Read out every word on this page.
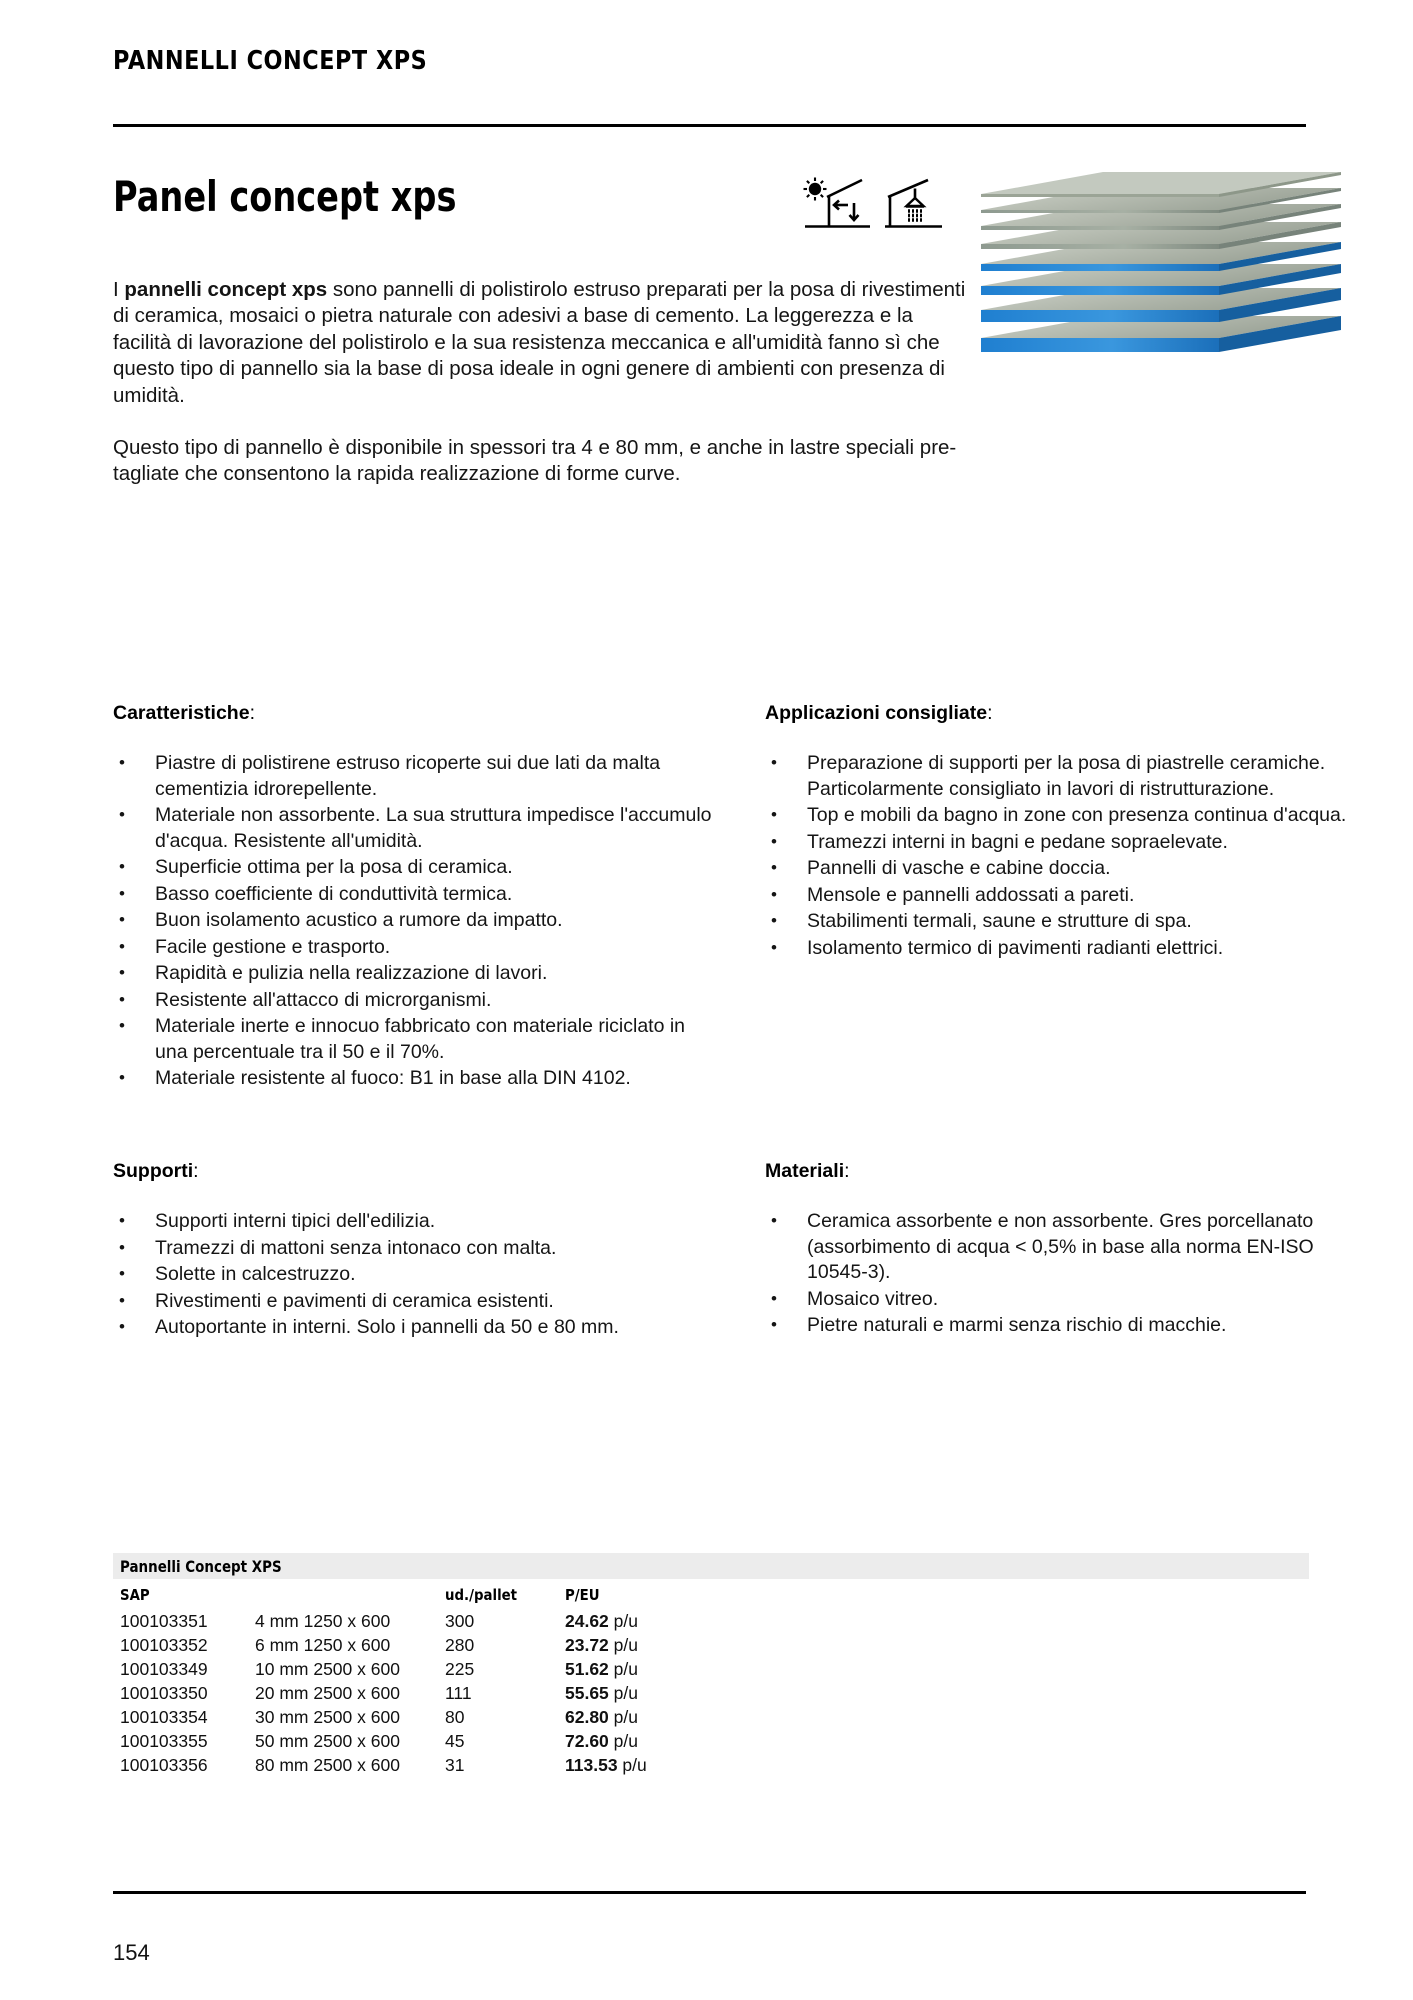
PANNELLI CONCEPT XPS
Panel concept xps

I pannelli concept xps sono pannelli di polistirolo estruso preparati per la posa di rivestimenti di ceramica, mosaici o pietra naturale con adesivi a base di cemento. La leggerezza e la facilità di lavorazione del polistirolo e la sua resistenza meccanica e all'umidità fanno sì che questo tipo di pannello sia la base di posa ideale in ogni genere di ambienti con presenza di umidità.

Questo tipo di pannello è disponibile in spessori tra 4 e 80 mm, e anche in lastre speciali pre-tagliate che consentono la rapida realizzazione di forme curve.

Caratteristiche:
• Piastre di polistirene estruso ricoperte sui due lati da malta cementizia idrorepellente.
• Materiale non assorbente. La sua struttura impedisce l'accumulo d'acqua. Resistente all'umidità.
• Superficie ottima per la posa di ceramica.
• Basso coefficiente di conduttività termica.
• Buon isolamento acustico a rumore da impatto.
• Facile gestione e trasporto.
• Rapidità e pulizia nella realizzazione di lavori.
• Resistente all'attacco di microrganismi.
• Materiale inerte e innocuo fabbricato con materiale riciclato in una percentuale tra il 50 e il 70%.
• Materiale resistente al fuoco: B1 in base alla DIN 4102.
Applicazioni consigliate:
• Preparazione di supporti per la posa di piastrelle ceramiche. Particolarmente consigliato in lavori di ristrutturazione.
• Top e mobili da bagno in zone con presenza continua d'acqua.
• Tramezzi interni in bagni e pedane sopraelevate.
• Pannelli di vasche e cabine doccia.
• Mensole e pannelli addossati a pareti.
• Stabilimenti termali, saune e strutture di spa.
• Isolamento termico di pavimenti radianti elettrici.
Supporti:
• Supporti interni tipici dell'edilizia.
• Tramezzi di mattoni senza intonaco con malta.
• Solette in calcestruzzo.
• Rivestimenti e pavimenti di ceramica esistenti.
• Autoportante in interni. Solo i pannelli da 50 e 80 mm.
Materiali:
• Ceramica assorbente e non assorbente. Gres porcellanato (assorbimento di acqua < 0,5% in base alla norma EN-ISO 10545-3).
• Mosaico vitreo.
• Pietre naturali e marmi senza rischio di macchie.
Pannelli Concept XPS
SAP		ud./pallet	P/EU
100103351	4 mm 1250 x 600	300	24.62 p/u
100103352	6 mm 1250 x 600	280	23.72 p/u
100103349	10 mm 2500 x 600	225	51.62 p/u
100103350	20 mm 2500 x 600	111	55.65 p/u
100103354	30 mm 2500 x 600	80	62.80 p/u
100103355	50 mm 2500 x 600	45	72.60 p/u
100103356	80 mm 2500 x 600	31	113.53 p/u
154
